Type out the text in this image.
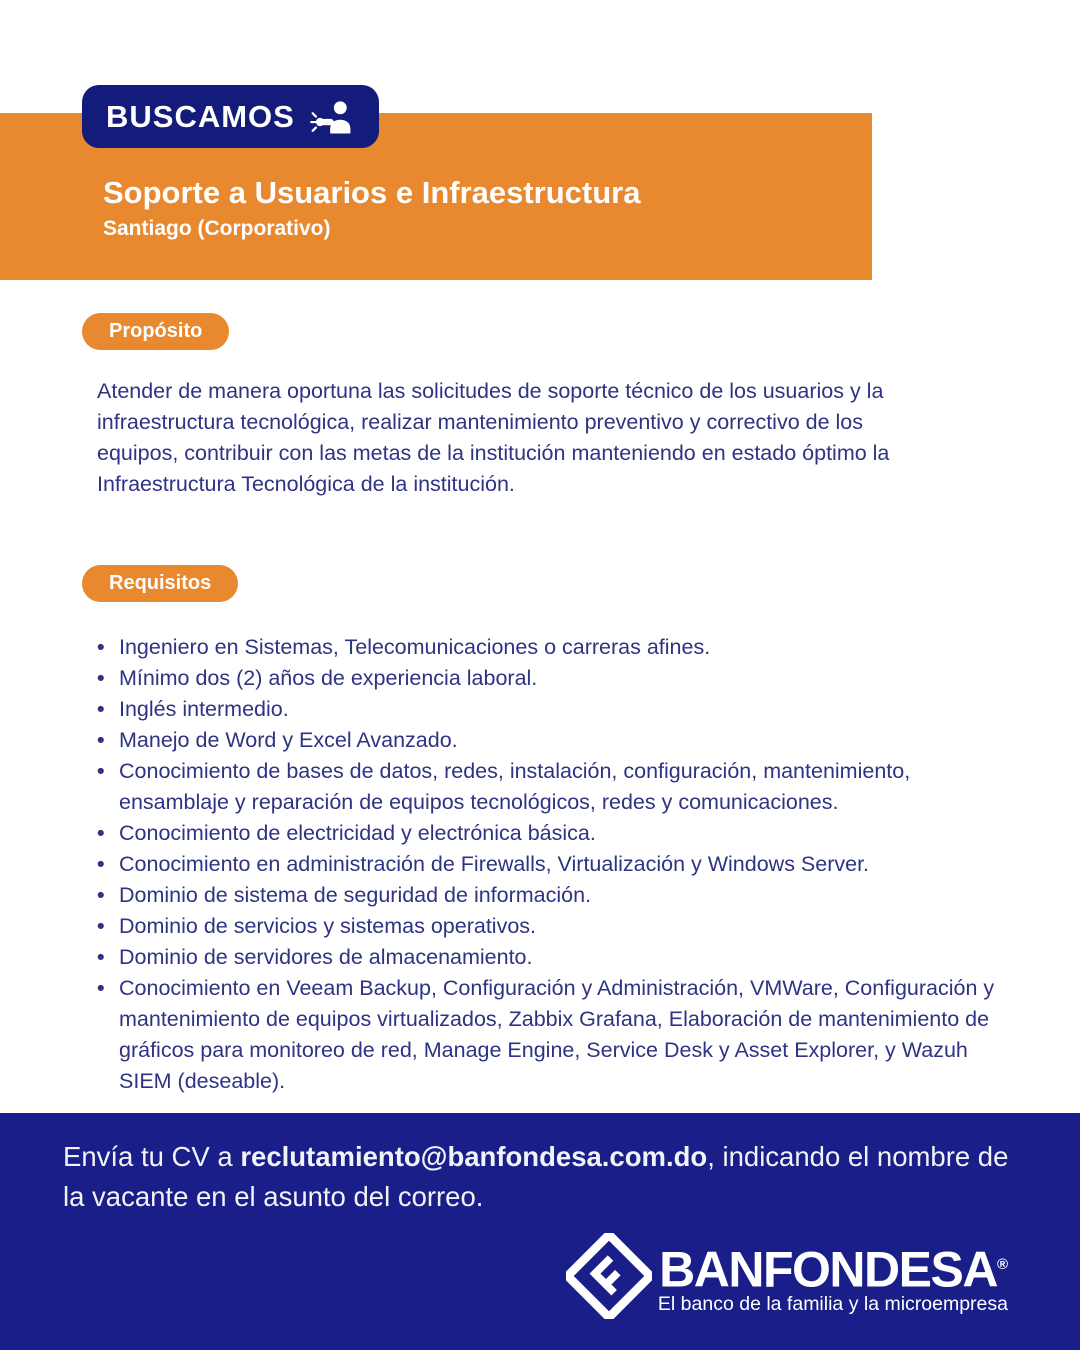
BUSCAMOS
Soporte a Usuarios e Infraestructura
Santiago (Corporativo)
Propósito

Atender de manera oportuna las solicitudes de soporte técnico de los usuarios y la infraestructura tecnológica, realizar mantenimiento preventivo y correctivo de los equipos, contribuir con las metas de la institución manteniendo en estado óptimo la Infraestructura Tecnológica de la institución.

Requisitos
• Ingeniero en Sistemas, Telecomunicaciones o carreras afines.
• Mínimo dos (2) años de experiencia laboral.
• Inglés intermedio.
• Manejo de Word y Excel Avanzado.
• Conocimiento de bases de datos, redes, instalación, configuración, mantenimiento, ensamblaje y reparación de equipos tecnológicos, redes y comunicaciones.
• Conocimiento de electricidad y electrónica básica.
• Conocimiento en administración de Firewalls, Virtualización y Windows Server.
• Dominio de sistema de seguridad de información.
• Dominio de servicios y sistemas operativos.
• Dominio de servidores de almacenamiento.
• Conocimiento en Veeam Backup, Configuración y Administración, VMWare, Configuración y mantenimiento de equipos virtualizados, Zabbix Grafana, Elaboración de mantenimiento de gráficos para monitoreo de red, Manage Engine, Service Desk y Asset Explorer, y Wazuh SIEM (deseable).

Envía tu CV a reclutamiento@banfondesa.com.do, indicando el nombre de la vacante en el asunto del correo.

BANFONDESA®
El banco de la familia y la microempresa
